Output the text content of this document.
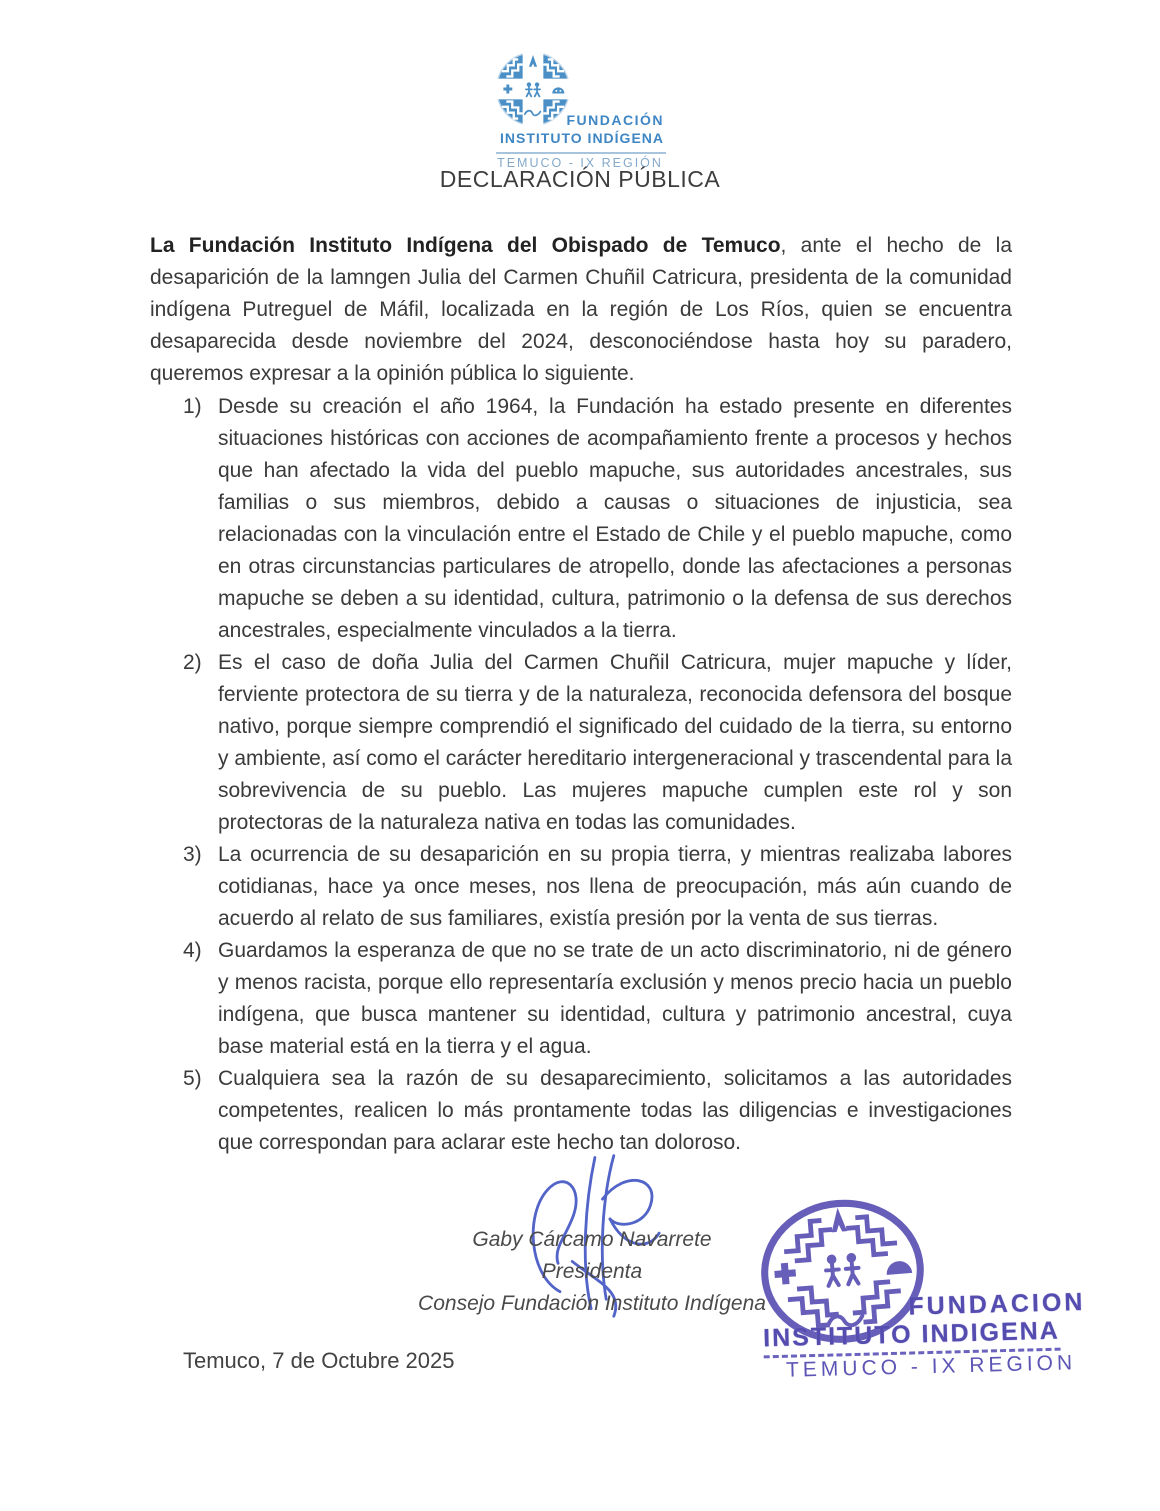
FUNDACIÓN
INSTITUTO INDÍGENA
TEMUCO - IX REGIÓN
DECLARACIÓN PÚBLICA

La Fundación Instituto Indígena del Obispado de Temuco, ante el hecho de la desaparición de la lamngen Julia del Carmen Chuñil Catricura, presidenta de la comunidad indígena Putreguel de Máfil, localizada en la región de Los Ríos, quien se encuentra desaparecida desde noviembre del 2024, desconociéndose hasta hoy su paradero, queremos expresar a la opinión pública lo siguiente.

1) Desde su creación el año 1964, la Fundación ha estado presente en diferentes situaciones históricas con acciones de acompañamiento frente a procesos y hechos que han afectado la vida del pueblo mapuche, sus autoridades ancestrales, sus familias o sus miembros, debido a causas o situaciones de injusticia, sea relacionadas con la vinculación entre el Estado de Chile y el pueblo mapuche, como en otras circunstancias particulares de atropello, donde las afectaciones a personas mapuche se deben a su identidad, cultura, patrimonio o la defensa de sus derechos ancestrales, especialmente vinculados a la tierra.
2) Es el caso de doña Julia del Carmen Chuñil Catricura, mujer mapuche y líder, ferviente protectora de su tierra y de la naturaleza, reconocida defensora del bosque nativo, porque siempre comprendió el significado del cuidado de la tierra, su entorno y ambiente, así como el carácter hereditario intergeneracional y trascendental para la sobrevivencia de su pueblo. Las mujeres mapuche cumplen este rol y son protectoras de la naturaleza nativa en todas las comunidades.
3) La ocurrencia de su desaparición en su propia tierra, y mientras realizaba labores cotidianas, hace ya once meses, nos llena de preocupación, más aún cuando de acuerdo al relato de sus familiares, existía presión por la venta de sus tierras.
4) Guardamos la esperanza de que no se trate de un acto discriminatorio, ni de género y menos racista, porque ello representaría exclusión y menos precio hacia un pueblo indígena, que busca mantener su identidad, cultura y patrimonio ancestral, cuya base material está en la tierra y el agua.
5) Cualquiera sea la razón de su desaparecimiento, solicitamos a las autoridades competentes, realicen lo más prontamente todas las diligencias e investigaciones que correspondan para aclarar este hecho tan doloroso.
Gaby Cárcamo Navarrete
Presidenta
Consejo Fundación Instituto Indígena	FUNDACION
INSTITUTO INDIGENA
TEMUCO - IX REGION
Temuco, 7 de Octubre 2025
